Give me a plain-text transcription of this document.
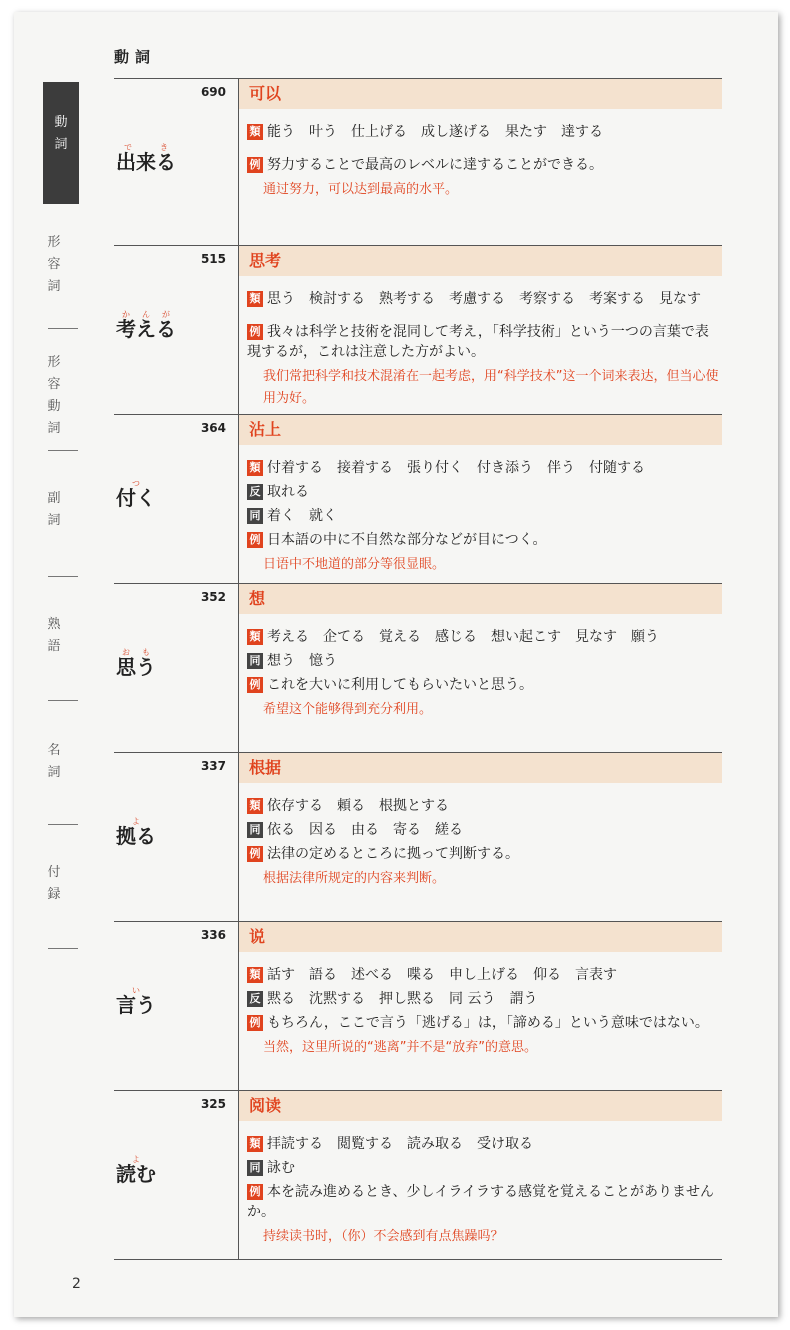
動詞
動
詞
形
容
詞
形
容
動
詞
副
詞
熟
語
名
詞
付
録
690
出来るでき
可以
類 能う　叶う　仕上げる　成し遂げる　果たす　達する
例 努力することで最高のレベルに達することができる。
通过努力，可以达到最高的水平。
515
考えるかんが
思考
類 思う　検討する　熟考する　考慮する　考察する　考案する　見なす
例 我々は科学と技術を混同して考え，「科学技術」という一つの言葉で表現するが，これは注意した方がよい。
我们常把科学和技术混淆在一起考虑，用“科学技术”这一个词来表达，但当心使用为好。
364
付くつ
沾上
類 付着する　接着する　張り付く　付き添う　伴う　付随する
反 取れる
同 着く　就く
例 日本語の中に不自然な部分などが目につく。
日语中不地道的部分等很显眼。
352
思うおも
想
類 考える　企てる　覚える　感じる　想い起こす　見なす　願う
同 想う　憶う
例 これを大いに利用してもらいたいと思う。
希望这个能够得到充分利用。
337
拠るよ
根据
類 依存する　頼る　根拠とする
同 依る　因る　由る　寄る　縒る
例 法律の定めるところに拠って判断する。
根据法律所规定的内容来判断。
336
言うい
说
類 話す　語る　述べる　喋る　申し上げる　仰る　言表す
反 黙る　沈黙する　押し黙る　同 云う　謂う
例 もちろん，ここで言う「逃げる」は，「諦める」という意味ではない。
当然，这里所说的“逃离”并不是“放弃”的意思。
325
読むよ
阅读
類 拝読する　閲覧する　読み取る　受け取る
同 詠む
例 本を読み進めるとき、少しイライラする感覚を覚えることがありませんか。
持续读书时，（你）不会感到有点焦躁吗？
2
